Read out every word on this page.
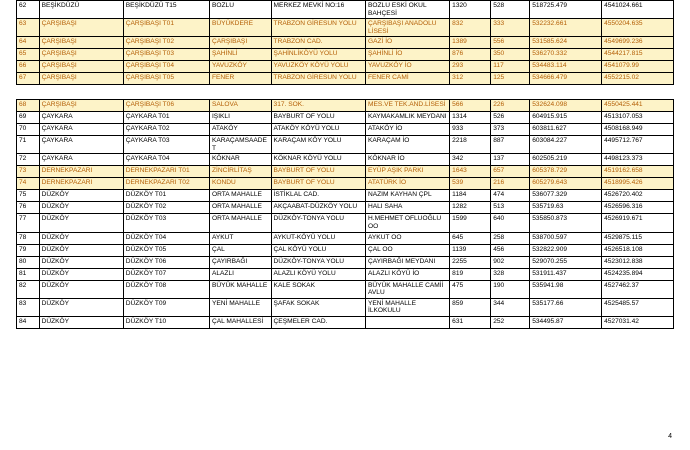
62	BEŞİKDÜZÜ	BEŞİKDÜZÜ T15	BOZLU	MERKEZ MEVKİ NO:16	BOZLU ESKİ OKUL BAHÇESİ	1320	528	518725.479	4541024.661
63	ÇARŞIBAŞI	ÇARŞIBAŞI T01	BÜYÜKDERE	TRABZON GİRESUN YOLU	ÇARŞIBAŞI ANADOLU LİSESİ	832	333	532232.661	4550204.635
64	ÇARŞIBAŞI	ÇARŞIBAŞI T02	ÇARŞIBAŞI	TRABZON CAD.	GAZİ İO	1389	556	531585.624	4549699.236
65	ÇARŞIBAŞI	ÇARŞIBAŞI T03	ŞAHİNLİ	ŞAHİNLİKÖYÜ YOLU	ŞAHİNLİ İO	876	350	536270.332	4544217.815
66	ÇARŞIBAŞI	ÇARŞIBAŞI T04	YAVUZKÖY	YAVUZKÖY KÖYÜ YOLU	YAVUZKÖY İO	293	117	534483.114	4541079.99
67	ÇARŞIBAŞI	ÇARŞIBAŞI T05	FENER	TRABZON GİRESUN YOLU	FENER CAMİ	312	125	534666.479	4552215.02
68	ÇARŞIBAŞI	ÇARŞIBAŞI T06	SALOVA	317. SOK.	MES.VE TEK.AND.LİSESİ	566	226	532624.098	4550425.441
69	ÇAYKARA	ÇAYKARA T01	IŞIKLI	BAYBURT OF YOLU	KAYMAKAMLIK MEYDANI	1314	526	604915.915	4513107.053
70	ÇAYKARA	ÇAYKARA T02	ATAKÖY	ATAKÖY KÖYÜ YOLU	ATAKÖY İO	933	373	603811.627	4508168.949
71	ÇAYKARA	ÇAYKARA T03	KARAÇAMSAADET	KARAÇAM KÖY YOLU	KARAÇAM İO	2218	887	603084.227	4495712.767
72	ÇAYKARA	ÇAYKARA T04	KÖKNAR	KÖKNAR KÖYÜ YOLU	KÖKNAR İO	342	137	602505.219	4498123.373
73	DERNEKPAZARI	DERNEKPAZARI T01	ZİNCİRLİTAŞ	BAYBURT OF YOLU	EYÜP AŞIK PARKI	1643	657	605378.729	4519162.658
74	DERNEKPAZARI	DERNEKPAZARI T02	KONDU	BAYBURT OF YOLU	ATATÜRK İO	539	216	605279.643	4518995.426
75	DÜZKÖY	DÜZKÖY T01	ORTA MAHALLE	İSTİKLAL CAD.	NAZIM KAYHAN ÇPL	1184	474	536077.329	4526720.402
76	DÜZKÖY	DÜZKÖY T02	ORTA MAHALLE	AKÇAABAT-DÜZKÖY YOLU	HALI SAHA	1282	513	535719.63	4526596.316
77	DÜZKÖY	DÜZKÖY T03	ORTA MAHALLE	DÜZKÖY-TONYA YOLU	H.MEHMET OFLUOĞLU OO	1599	640	535850.873	4526919.671
78	DÜZKÖY	DÜZKÖY T04	AYKUT	AYKUT-KÖYÜ YOLU	AYKUT OO	645	258	538700.597	4529875.115
79	DÜZKÖY	DÜZKÖY T05	ÇAL	ÇAL KÖYÜ YOLU	ÇAL OO	1139	456	532822.909	4526518.108
80	DÜZKÖY	DÜZKÖY T06	ÇAYIRBAĞI	DÜZKÖY-TONYA YOLU	ÇAYIRBAĞI MEYDANI	2255	902	529070.255	4523012.838
81	DÜZKÖY	DÜZKÖY T07	ALAZLI	ALAZLI KÖYÜ YOLU	ALAZLI KÖYÜ İO	819	328	531911.437	4524235.894
82	DÜZKÖY	DÜZKÖY T08	BÜYÜK MAHALLE	KALE SOKAK	BÜYÜK MAHALLE CAMİİ AVLU	475	190	535941.98	4527462.37
83	DÜZKÖY	DÜZKÖY T09	YENİ MAHALLE	ŞAFAK SOKAK	YENİ MAHALLE İLKOKULU	859	344	535177.66	4525485.57
84	DÜZKÖY	DÜZKÖY T10	ÇAL MAHALLESİ	ÇEŞMELER CAD.		631	252	534495.87	4527031.42
4
